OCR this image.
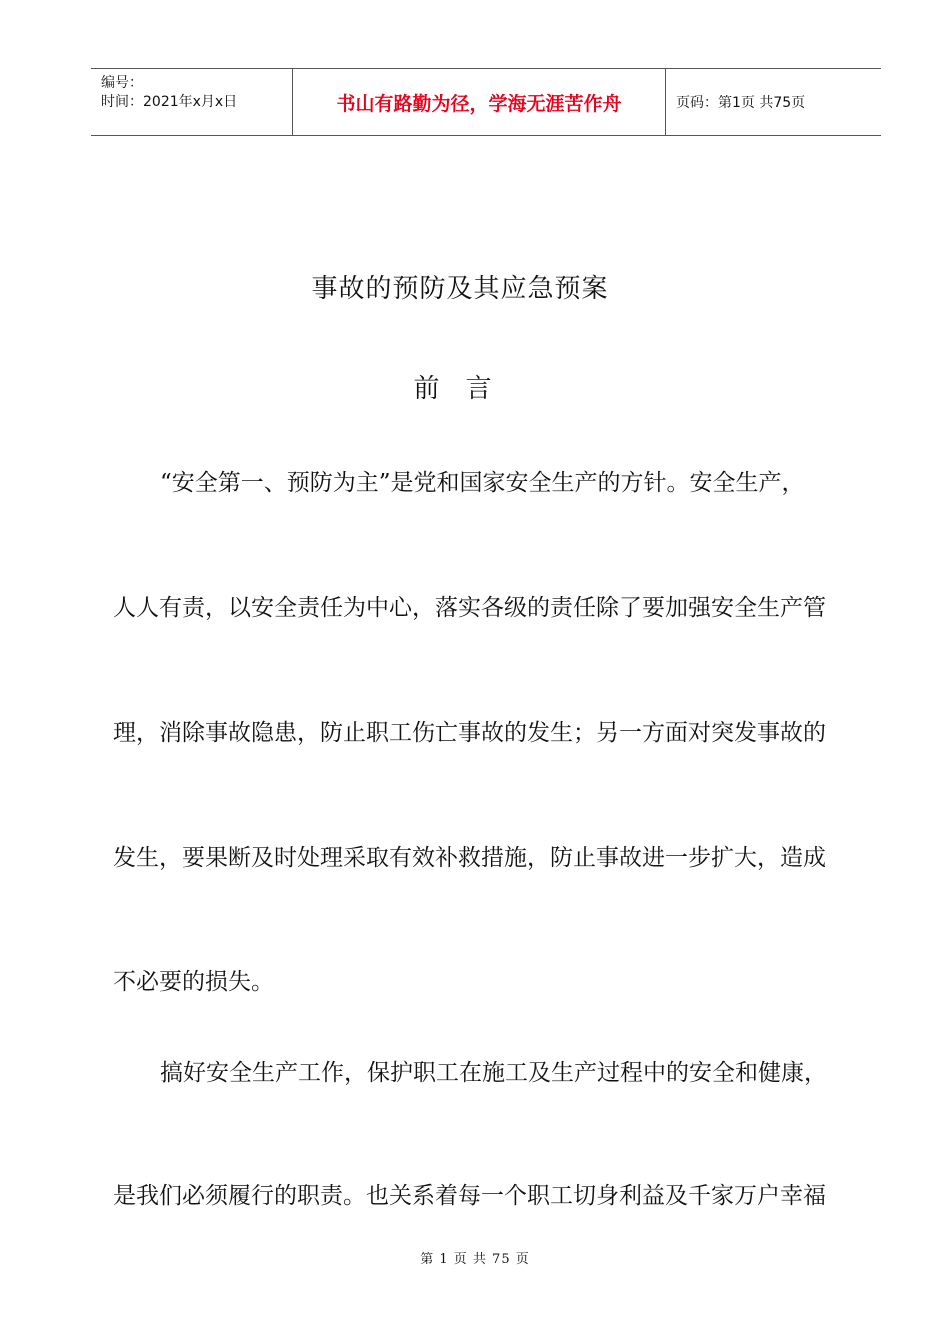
编号：
时间：2021年x月x日	书山有路勤为径，学海无涯苦作舟	页码：第1页 共75页
事故的预防及其应急预案
前 言
“安全第一、预防为主”是党和国家安全生产的方针。安全生产，
人人有责，以安全责任为中心，落实各级的责任除了要加强安全生产管
理，消除事故隐患，防止职工伤亡事故的发生；另一方面对突发事故的
发生，要果断及时处理采取有效补救措施，防止事故进一步扩大，造成
不必要的损失。
搞好安全生产工作，保护职工在施工及生产过程中的安全和健康，
是我们必须履行的职责。也关系着每一个职工切身利益及千家万户幸福
第 1 页 共 75 页
